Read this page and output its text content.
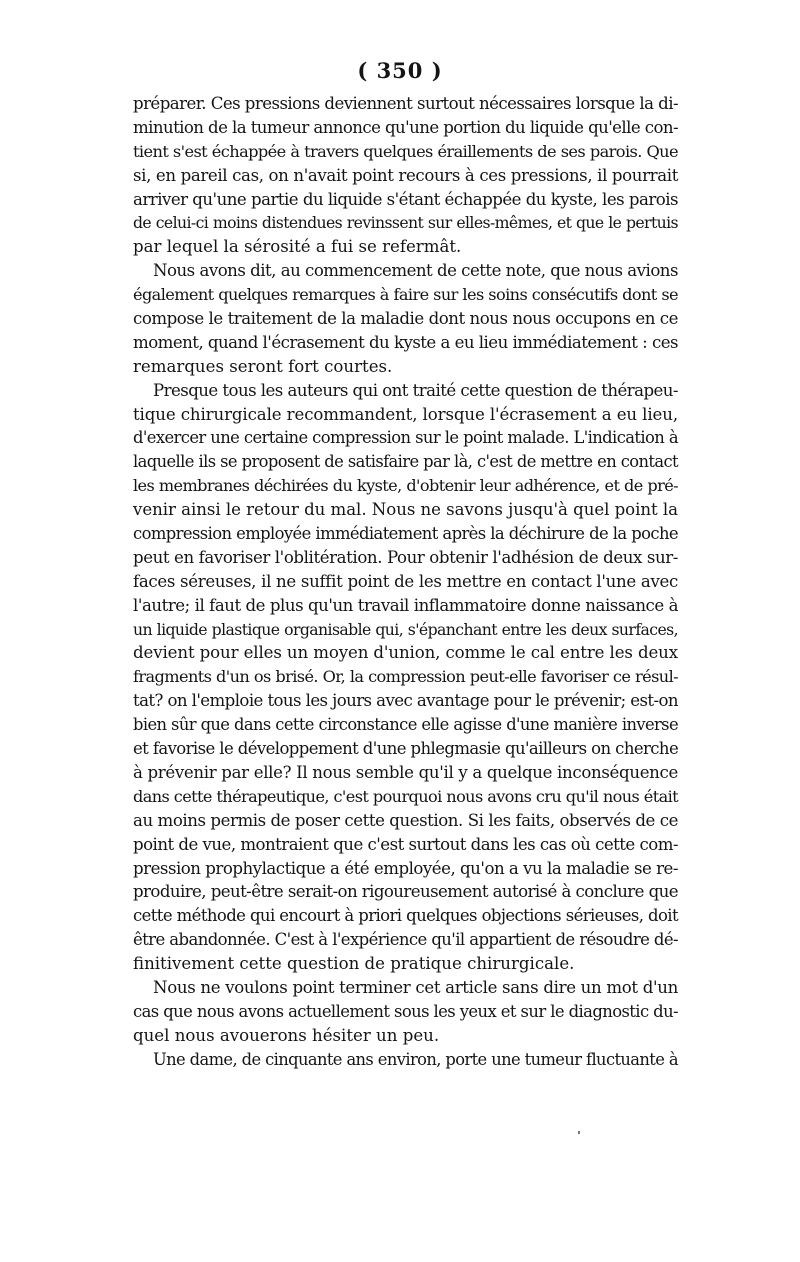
( 350 )
préparer. Ces pressions deviennent surtout nécessaires lorsque la di-
minution de la tumeur annonce qu'une portion du liquide qu'elle con-
tient s'est échappée à travers quelques éraillements de ses parois. Que
si, en pareil cas, on n'avait point recours à ces pressions, il pourrait
arriver qu'une partie du liquide s'étant échappée du kyste, les parois
de celui-ci moins distendues revinssent sur elles-mêmes, et que le pertuis
par lequel la sérosité a fui se refermât.
Nous avons dit, au commencement de cette note, que nous avions
également quelques remarques à faire sur les soins consécutifs dont se
compose le traitement de la maladie dont nous nous occupons en ce
moment, quand l'écrasement du kyste a eu lieu immédiatement : ces
remarques seront fort courtes.
Presque tous les auteurs qui ont traité cette question de thérapeu-
tique chirurgicale recommandent, lorsque l'écrasement a eu lieu,
d'exercer une certaine compression sur le point malade. L'indication à
laquelle ils se proposent de satisfaire par là, c'est de mettre en contact
les membranes déchirées du kyste, d'obtenir leur adhérence, et de pré-
venir ainsi le retour du mal. Nous ne savons jusqu'à quel point la
compression employée immédiatement après la déchirure de la poche
peut en favoriser l'oblitération. Pour obtenir l'adhésion de deux sur-
faces séreuses, il ne suffit point de les mettre en contact l'une avec
l'autre; il faut de plus qu'un travail inflammatoire donne naissance à
un liquide plastique organisable qui, s'épanchant entre les deux surfaces,
devient pour elles un moyen d'union, comme le cal entre les deux
fragments d'un os brisé. Or, la compression peut-elle favoriser ce résul-
tat? on l'emploie tous les jours avec avantage pour le prévenir; est-on
bien sûr que dans cette circonstance elle agisse d'une manière inverse
et favorise le développement d'une phlegmasie qu'ailleurs on cherche
à prévenir par elle? Il nous semble qu'il y a quelque inconséquence
dans cette thérapeutique, c'est pourquoi nous avons cru qu'il nous était
au moins permis de poser cette question. Si les faits, observés de ce
point de vue, montraient que c'est surtout dans les cas où cette com-
pression prophylactique a été employée, qu'on a vu la maladie se re-
produire, peut-être serait-on rigoureusement autorisé à conclure que
cette méthode qui encourt à priori quelques objections sérieuses, doit
être abandonnée. C'est à l'expérience qu'il appartient de résoudre dé-
finitivement cette question de pratique chirurgicale.
Nous ne voulons point terminer cet article sans dire un mot d'un
cas que nous avons actuellement sous les yeux et sur le diagnostic du-
quel nous avouerons hésiter un peu.
Une dame, de cinquante ans environ, porte une tumeur fluctuante à
